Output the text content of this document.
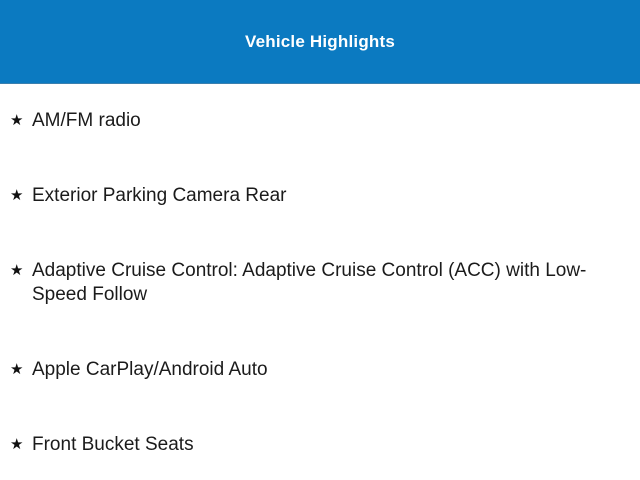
Vehicle Highlights
★ AM/FM radio
★ Exterior Parking Camera Rear
★ Adaptive Cruise Control: Adaptive Cruise Control (ACC) with Low-Speed Follow
★ Apple CarPlay/Android Auto
★ Front Bucket Seats
